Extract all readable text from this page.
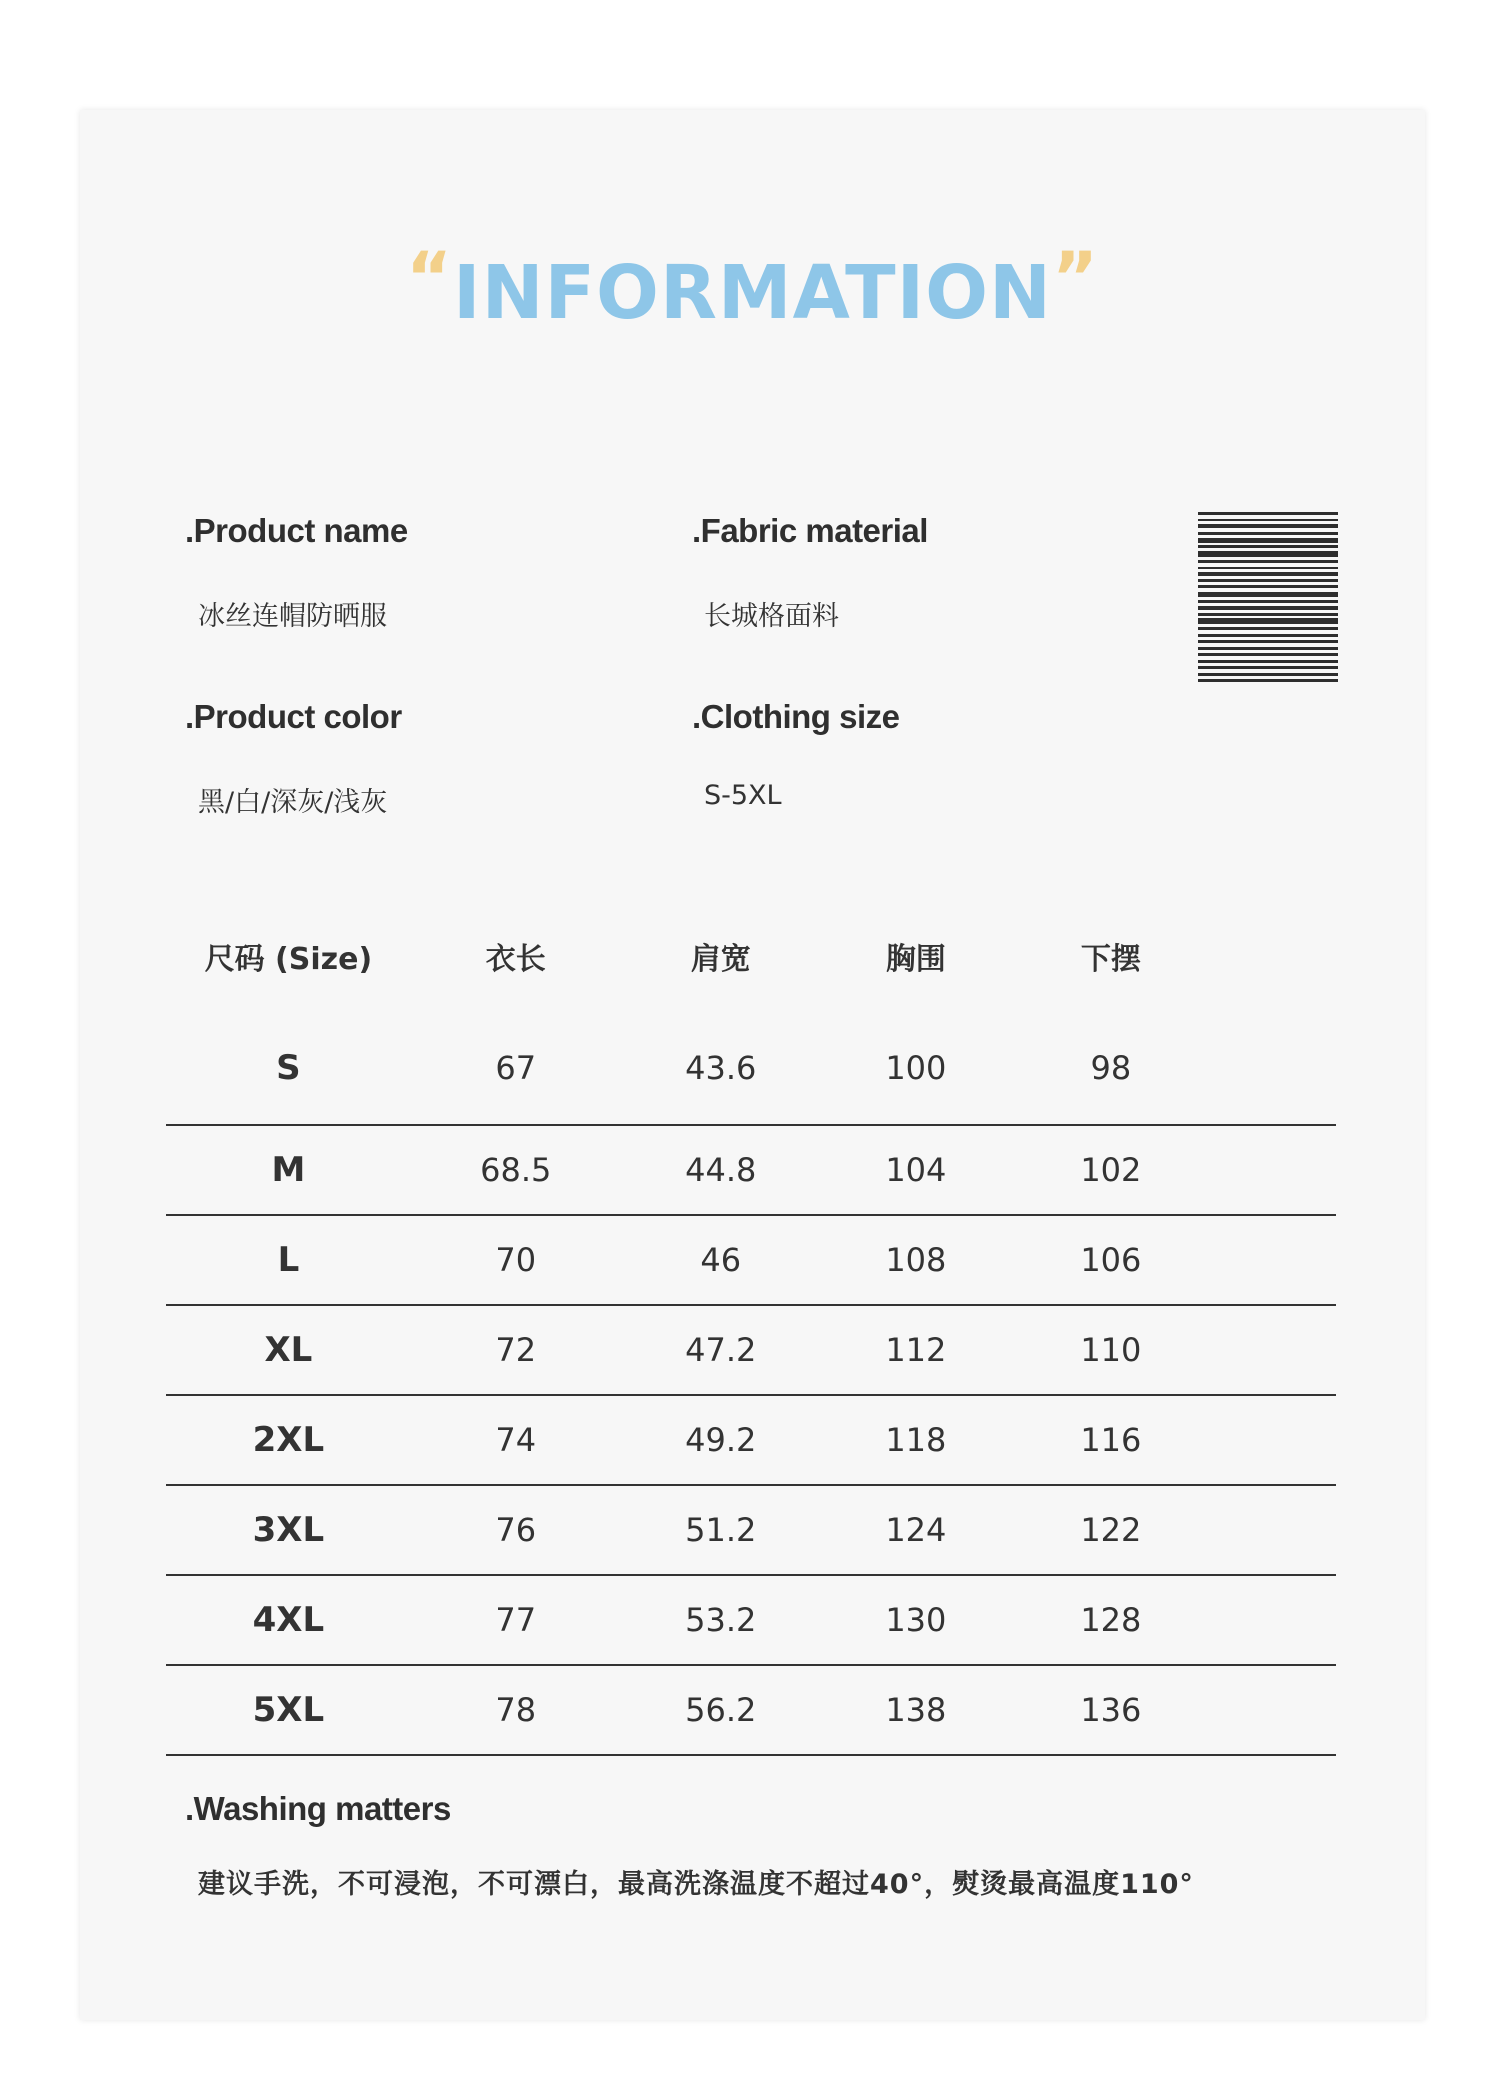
“INFORMATION”
.Product name
冰丝连帽防晒服
.Fabric material
长城格面料
.Product color
黑/白/深灰/浅灰
.Clothing size
S-5XL
尺码 (Size)	衣长	肩宽	胸围	下摆	
S	67	43.6	100	98	
M	68.5	44.8	104	102	
L	70	46	108	106	
XL	72	47.2	112	110	
2XL	74	49.2	118	116	
3XL	76	51.2	124	122	
4XL	77	53.2	130	128	
5XL	78	56.2	138	136	
.Washing matters
建议手洗，不可浸泡，不可漂白，最高洗涤温度不超过40°，熨烫最高温度110°
